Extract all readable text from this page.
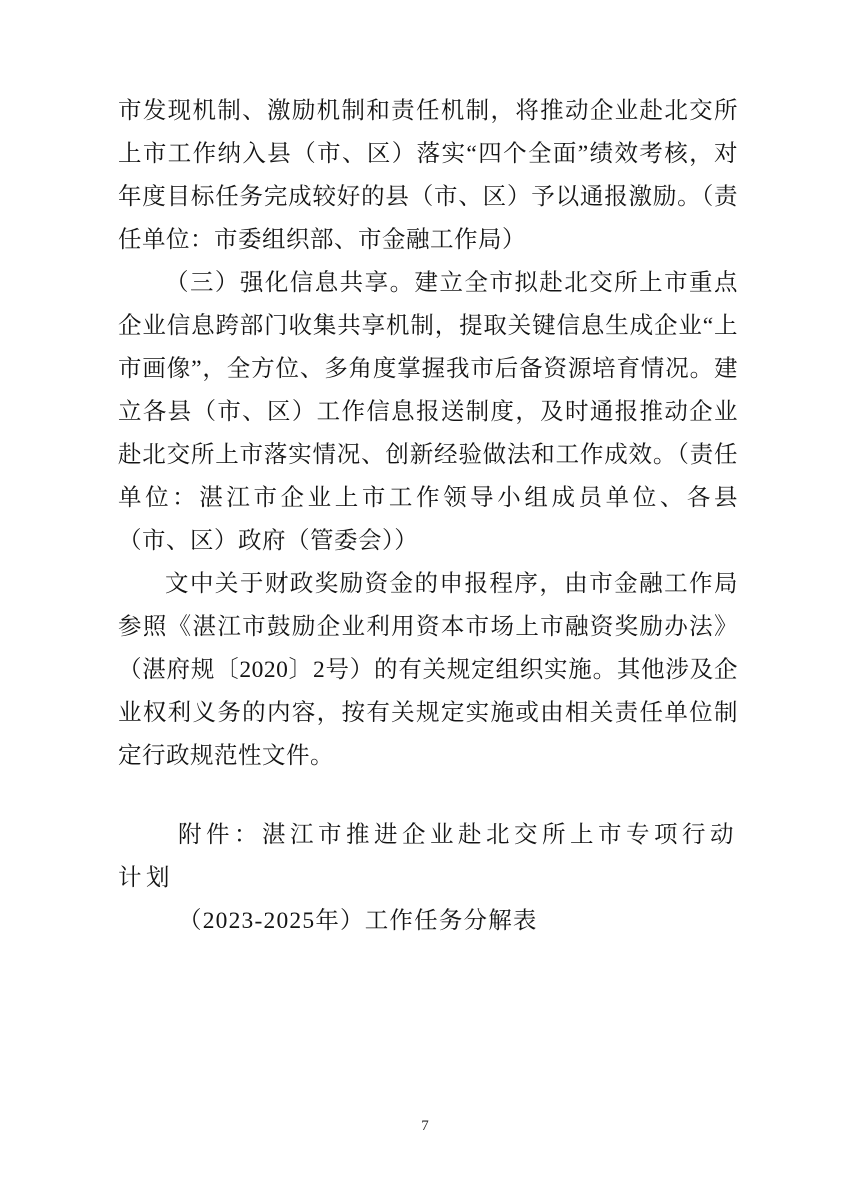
市发现机制、激励机制和责任机制，将推动企业赴北交所上市工作纳入县（市、区）落实“四个全面”绩效考核，对年度目标任务完成较好的县（市、区）予以通报激励。（责任单位：市委组织部、市金融工作局）

（三）强化信息共享。建立全市拟赴北交所上市重点企业信息跨部门收集共享机制，提取关键信息生成企业“上市画像”，全方位、多角度掌握我市后备资源培育情况。建立各县（市、区）工作信息报送制度，及时通报推动企业赴北交所上市落实情况、创新经验做法和工作成效。（责任单位：湛江市企业上市工作领导小组成员单位、各县（市、区）政府（管委会））

文中关于财政奖励资金的申报程序，由市金融工作局参照《湛江市鼓励企业利用资本市场上市融资奖励办法》（湛府规〔2020〕2号）的有关规定组织实施。其他涉及企业权利义务的内容，按有关规定实施或由相关责任单位制定行政规范性文件。

附件：湛江市推进企业赴北交所上市专项行动计划

（2023-2025年）工作任务分解表

7
